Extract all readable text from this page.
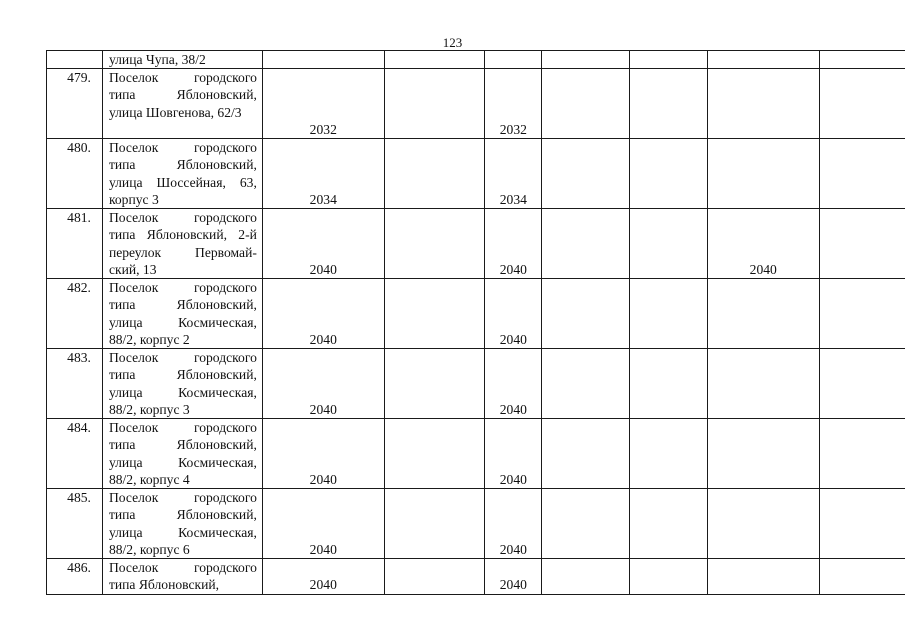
123

	улица Чупа, 38/2							

479.	Поселок городского
типа Яблоновский,
улица Шовгенова, 62/3	2032		2032				
480.	Поселок городского
типа Яблоновский,
улица Шоссейная, 63,
корпус 3	2034		2034				
481.	Поселок городского
типа Яблоновский, 2-й
переулок Первомай-
ский, 13	2040		2040			2040	
482.	Поселок городского
типа Яблоновский,
улица Космическая,
88/2, корпус 2	2040		2040				
483.	Поселок городского
типа Яблоновский,
улица Космическая,
88/2, корпус 3	2040		2040				
484.	Поселок городского
типа Яблоновский,
улица Космическая,
88/2, корпус 4	2040		2040				
485.	Поселок городского
типа Яблоновский,
улица Космическая,
88/2, корпус 6	2040		2040				
486.	Поселок городского
типа Яблоновский,	2040		2040				
